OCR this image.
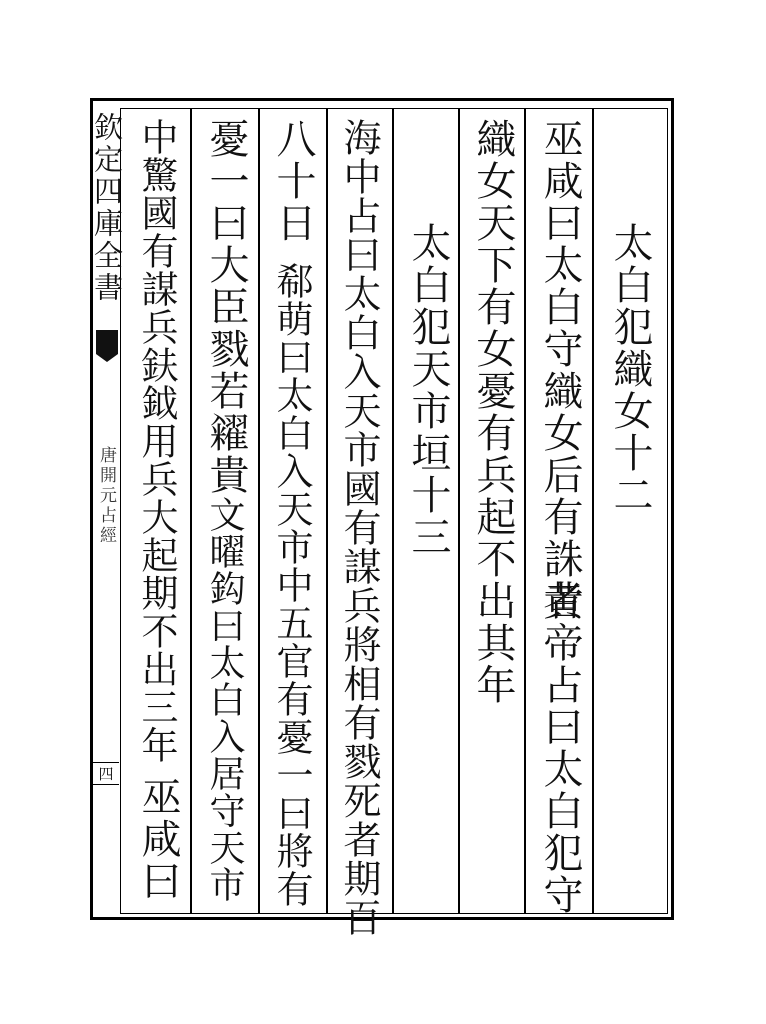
欽定四庫全書
唐開元占經
四
太白犯織女十二
巫咸曰太白守織女后有誅者
黄帝占曰太白犯守
織女天下有女憂有兵起不出其年
太白犯天市垣十三
海中占曰太白入天市國有謀兵將相有戮死者期百
八十日
郗萌曰太白入天市中五官有憂一曰將有
憂一曰大臣戮若糴貴
文曜鈎曰太白入居守天市
中驚國有謀兵鈇鉞用兵大起期不出三年
巫咸曰
